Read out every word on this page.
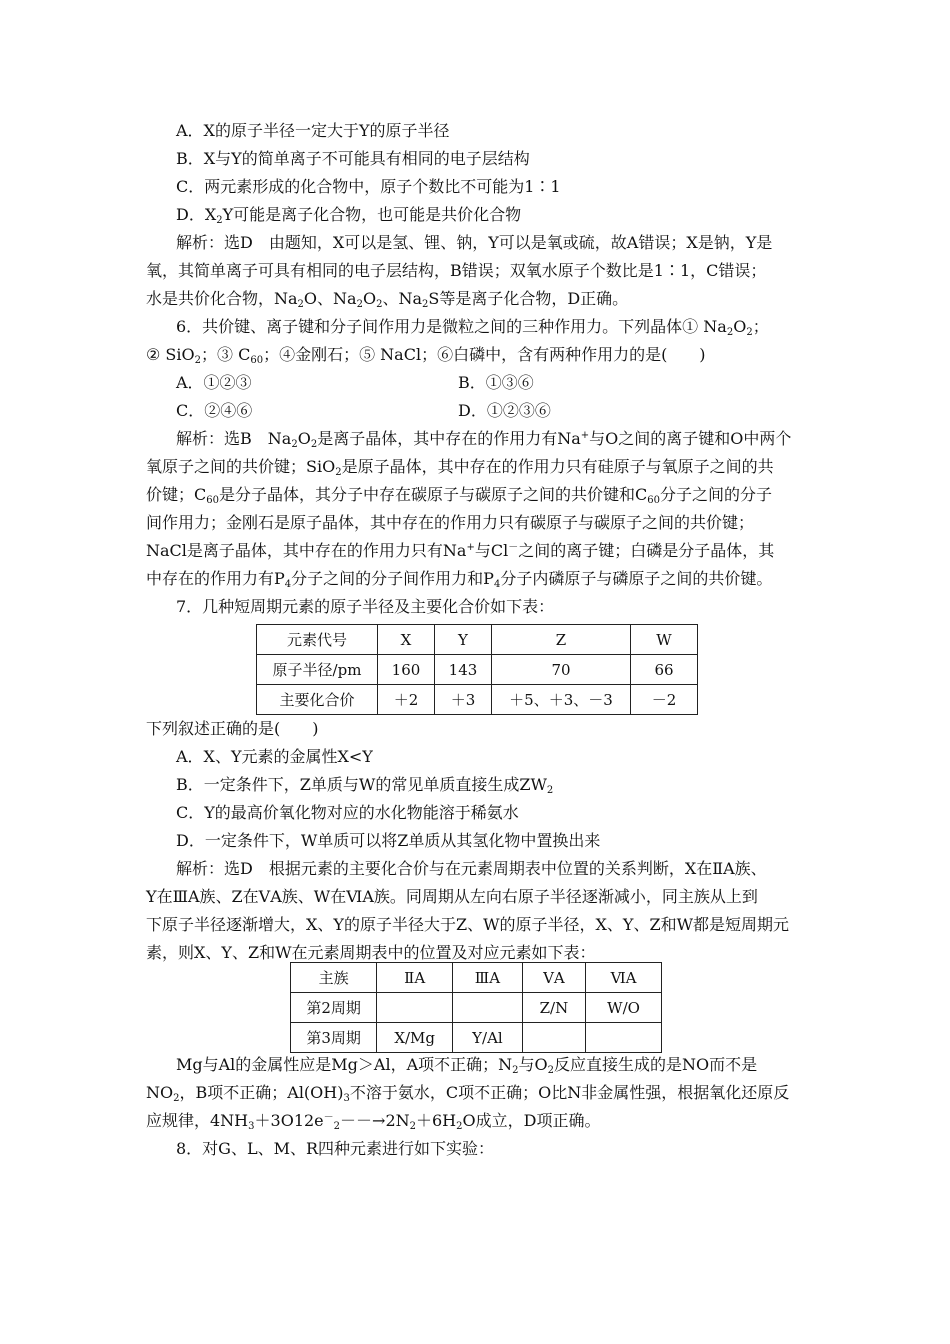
A．X的原子半径一定大于Y的原子半径
B．X与Y的简单离子不可能具有相同的电子层结构
C．两元素形成的化合物中，原子个数比不可能为1∶1
D．$X_2Y$可能是离子化合物，也可能是共价化合物
解析：选D　由题知，X可以是氢、锂、钠，Y可以是氧或硫，故A错误；X是钠，Y是
氧，其简单离子可具有相同的电子层结构，B错误；双氧水原子个数比是1∶1，C错误；
水是共价化合物，$Na_2O$、$Na_2O_2$、$Na_2S$等是离子化合物，D正确。
6．共价键、离子键和分子间作用力是微粒之间的三种作用力。下列晶体① $Na_2O_2$；
② SiO$_2$；③ $C_{60}$；④金刚石；⑤ NaCl；⑥白磷中，含有两种作用力的是(　　)
A．①②③	B．①③⑥
C．②④⑥	D．①②③⑥
解析：选B　$Na_2O_2$是离子晶体，其中存在的作用力有Na+与O之间的离子键和O中两个
氧原子之间的共价键；SiO$_2$是原子晶体，其中存在的作用力只有硅原子与氧原子之间的共
价键；$C_{60}$是分子晶体，其分子中存在碳原子与碳原子之间的共价键和$C_{60}$分子之间的分子
间作用力；金刚石是原子晶体，其中存在的作用力只有碳原子与碳原子之间的共价键；
NaCl是离子晶体，其中存在的作用力只有Na+与Cl－之间的离子键；白磷是分子晶体，其
中存在的作用力有$P_4$分子之间的分子间作用力和$P_4$分子内磷原子与磷原子之间的共价键。
7．几种短周期元素的原子半径及主要化合价如下表：
元素代号	X	Y	Z	W
原子半径/pm	160	143	70	66
主要化合价	＋2	＋3	＋5、＋3、－3	－2
下列叙述正确的是(　　)
A．X、Y元素的金属性X<Y
B．一定条件下，Z单质与W的常见单质直接生成$ZW_2$
C．Y的最高价氧化物对应的水化物能溶于稀氨水
D．一定条件下，W单质可以将Z单质从其氢化物中置换出来
解析：选D　根据元素的主要化合价与在元素周期表中位置的关系判断，X在ⅡA族、
Y在ⅢA族、Z在ⅤA族、W在ⅥA族。同周期从左向右原子半径逐渐减小，同主族从上到
下原子半径逐渐增大，X、Y的原子半径大于Z、W的原子半径，X、Y、Z和W都是短周期元
素，则X、Y、Z和W在元素周期表中的位置及对应元素如下表：
主族	ⅡA	ⅢA	ⅤA	ⅥA
第2周期			Z/N	W/O
第3周期	X/Mg	Y/Al		
Mg与Al的金属性应是Mg＞Al，A项不正确；$N_2$与$O_2$反应直接生成的是NO而不是
$NO_2$，B项不正确；$Al(OH)_3$不溶于氨水，C项不正确；O比N非金属性强，根据氧化还原反
应规律，$4NH_3+3O12e^-_2--\to 2N_2+6H_2O$成立，D项正确。
8．对G、L、M、R四种元素进行如下实验：
